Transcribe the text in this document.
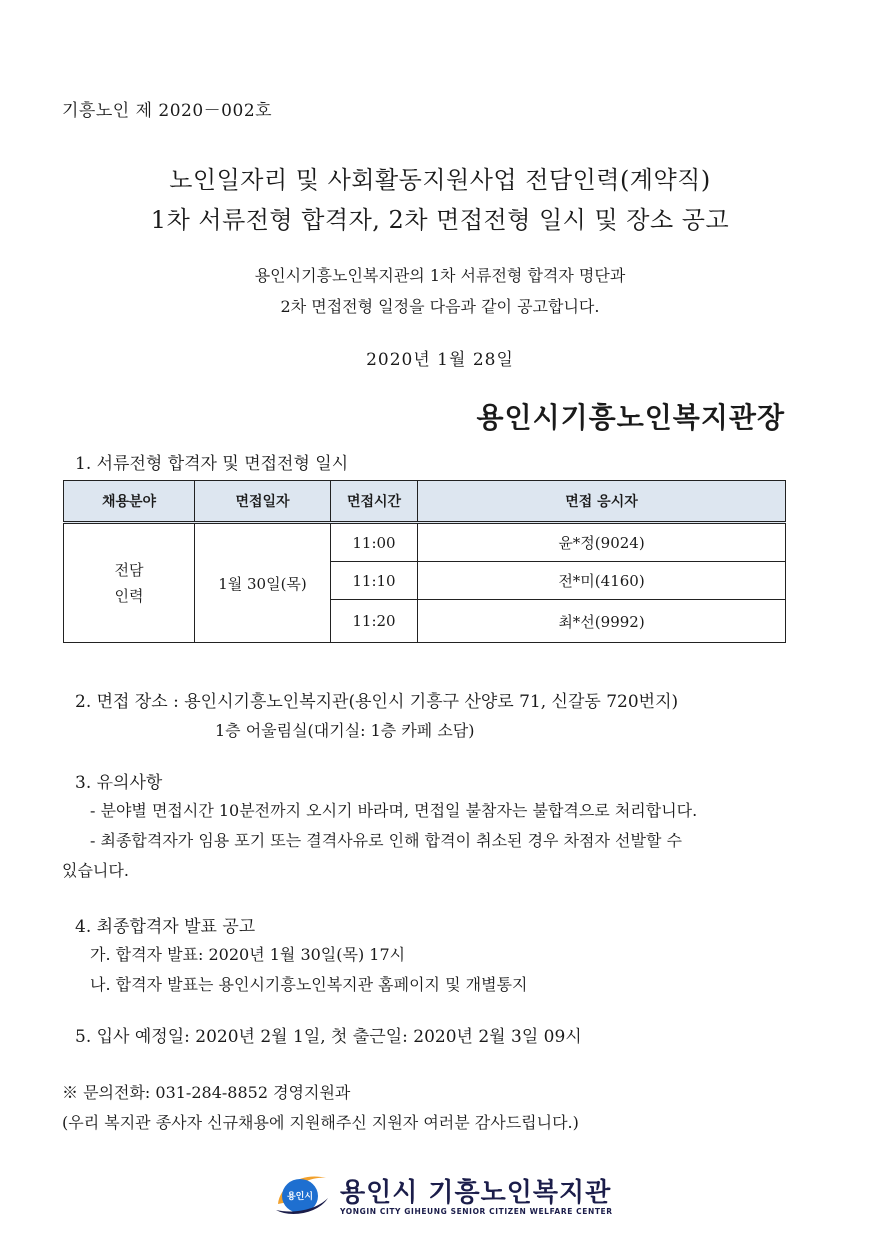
기흥노인 제 2020－002호
노인일자리 및 사회활동지원사업 전담인력(계약직)
1차 서류전형 합격자, 2차 면접전형 일시 및 장소 공고
용인시기흥노인복지관의 1차 서류전형 합격자 명단과
2차 면접전형 일정을 다음과 같이 공고합니다.
2020년 1월 28일
용인시기흥노인복지관장
1. 서류전형 합격자 및 면접전형 일시
채용분야	면접일자	면접시간	면접 응시자

전담
인력	1월 30일(목)	11:00	윤*정(9024)
		11:10	전*미(4160)
		11:20	최*선(9992)
2. 면접 장소 : 용인시기흥노인복지관(용인시 기흥구 산양로 71, 신갈동 720번지)
1층 어울림실(대기실: 1층 카페 소담)
3. 유의사항
- 분야별 면접시간 10분전까지 오시기 바라며, 면접일 불참자는 불합격으로 처리합니다.
- 최종합격자가 임용 포기 또는 결격사유로 인해 합격이 취소된 경우 차점자 선발할 수
있습니다.
4. 최종합격자 발표 공고
가. 합격자 발표: 2020년 1월 30일(목) 17시
나. 합격자 발표는 용인시기흥노인복지관 홈페이지 및 개별통지
5. 입사 예정일: 2020년 2월 1일, 첫 출근일: 2020년 2월 3일 09시
※ 문의전화: 031-284-8852 경영지원과
(우리 복지관 종사자 신규채용에 지원해주신 지원자 여러분 감사드립니다.)
용인시 용인시 기흥노인복지관
YONGIN CITY GIHEUNG SENIOR CITIZEN WELFARE CENTER
